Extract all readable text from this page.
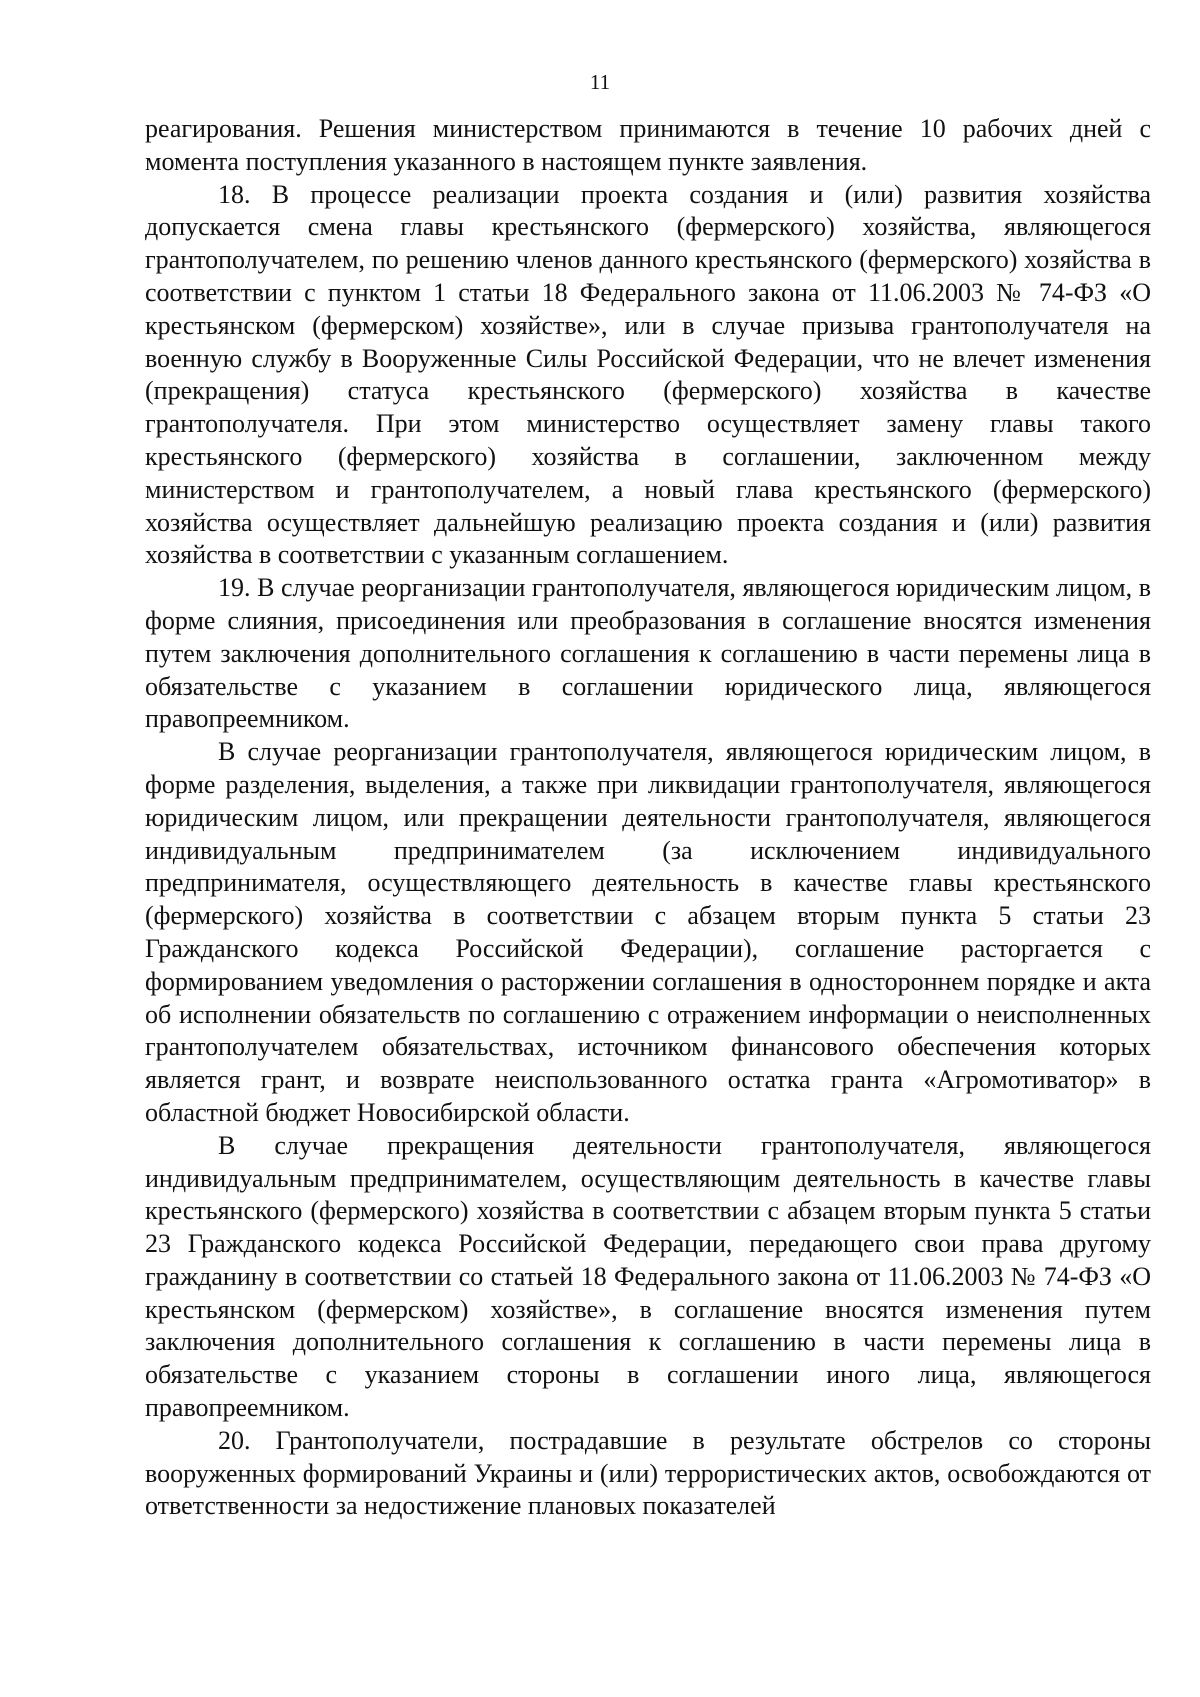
11

реагирования. Решения министерством принимаются в течение 10 рабочих дней с момента поступления указанного в настоящем пункте заявления.

18. В процессе реализации проекта создания и (или) развития хозяйства допускается смена главы крестьянского (фермерского) хозяйства, являющегося грантополучателем, по решению членов данного крестьянского (фермерского) хозяйства в соответствии с пунктом 1 статьи 18 Федерального закона от 11.06.2003 № 74-ФЗ «О крестьянском (фермерском) хозяйстве», или в случае призыва грантополучателя на военную службу в Вооруженные Силы Российской Федерации, что не влечет изменения (прекращения) статуса крестьянского (фермерского) хозяйства в качестве грантополучателя. При этом министерство осуществляет замену главы такого крестьянского (фермерского) хозяйства в соглашении, заключенном между министерством и грантополучателем, а новый глава крестьянского (фермерского) хозяйства осуществляет дальнейшую реализацию проекта создания и (или) развития хозяйства в соответствии с указанным соглашением.

19. В случае реорганизации грантополучателя, являющегося юридическим лицом, в форме слияния, присоединения или преобразования в соглашение вносятся изменения путем заключения дополнительного соглашения к соглашению в части перемены лица в обязательстве с указанием в соглашении юридического лица, являющегося правопреемником.

В случае реорганизации грантополучателя, являющегося юридическим лицом, в форме разделения, выделения, а также при ликвидации грантополучателя, являющегося юридическим лицом, или прекращении деятельности грантополучателя, являющегося индивидуальным предпринимателем (за исключением индивидуального предпринимателя, осуществляющего деятельность в качестве главы крестьянского (фермерского) хозяйства в соответствии с абзацем вторым пункта 5 статьи 23 Гражданского кодекса Российской Федерации), соглашение расторгается с формированием уведомления о расторжении соглашения в одностороннем порядке и акта об исполнении обязательств по соглашению с отражением информации о неисполненных грантополучателем обязательствах, источником финансового обеспечения которых является грант, и возврате неиспользованного остатка гранта «Агромотиватор» в областной бюджет Новосибирской области.

В случае прекращения деятельности грантополучателя, являющегося индивидуальным предпринимателем, осуществляющим деятельность в качестве главы крестьянского (фермерского) хозяйства в соответствии с абзацем вторым пункта 5 статьи 23 Гражданского кодекса Российской Федерации, передающего свои права другому гражданину в соответствии со статьей 18 Федерального закона от 11.06.2003 № 74-ФЗ «О крестьянском (фермерском) хозяйстве», в соглашение вносятся изменения путем заключения дополнительного соглашения к соглашению в части перемены лица в обязательстве с указанием стороны в соглашении иного лица, являющегося правопреемником.

20. Грантополучатели, пострадавшие в результате обстрелов со стороны вооруженных формирований Украины и (или) террористических актов, освобождаются от ответственности за недостижение плановых показателей
